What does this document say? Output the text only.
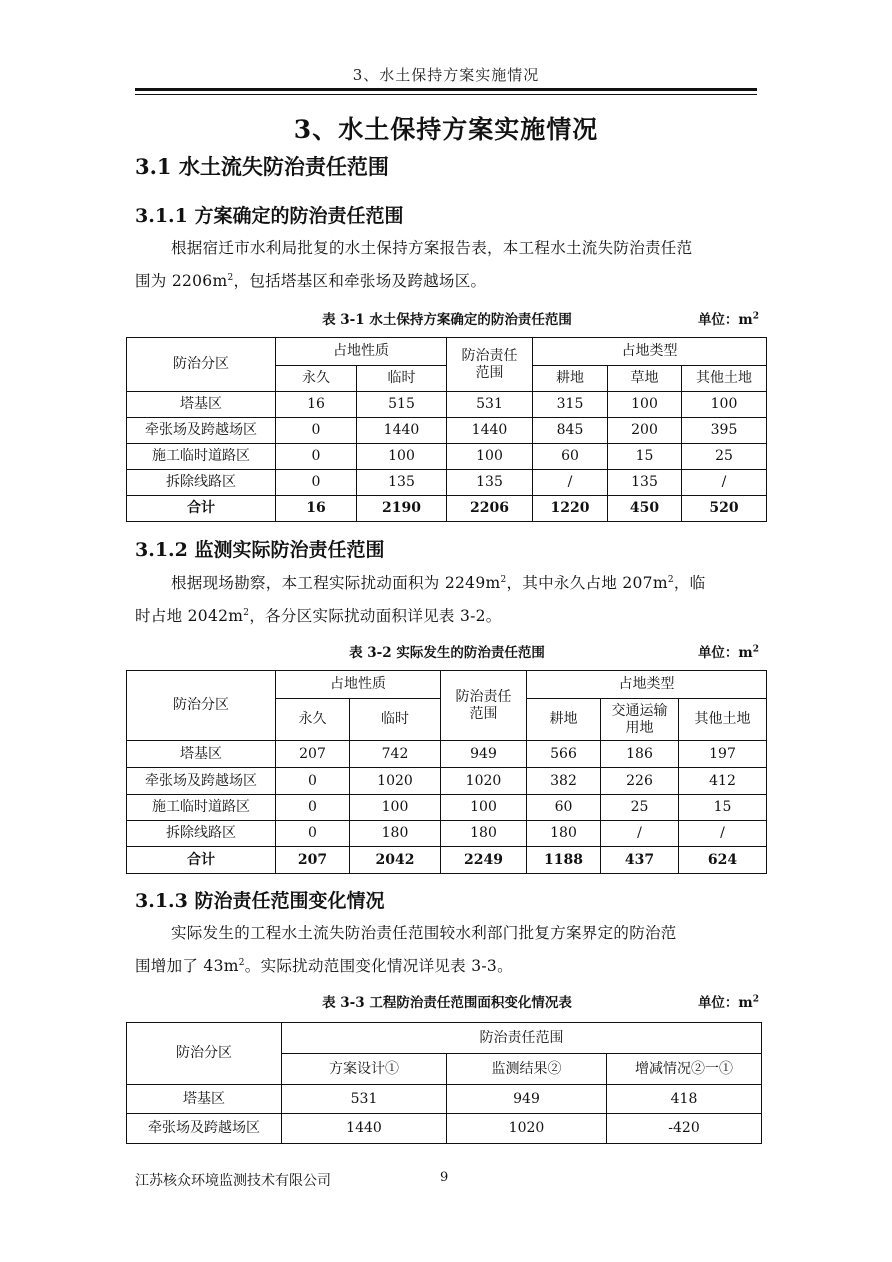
3、水土保持方案实施情况
3、水土保持方案实施情况
3.1 水土流失防治责任范围
3.1.1 方案确定的防治责任范围
根据宿迁市水利局批复的水土保持方案报告表，本工程水土流失防治责任范
围为 $2206m^2$，包括塔基区和牵张场及跨越场区。
表 3-1 水土保持方案确定的防治责任范围	单位：$m^2$
防治分区	占地性质		防治责任范围	占地类型		
	永久	临时		耕地	草地	其他土地
塔基区	16	515	531	315	100	100
牵张场及跨越场区	0	1440	1440	845	200	395
施工临时道路区	0	100	100	60	15	25
拆除线路区	0	135	135	/	135	/
合计	16	2190	2206	1220	450	520
3.1.2 监测实际防治责任范围
根据现场勘察，本工程实际扰动面积为 $2249m^2$，其中永久占地 $207m^2$，临
时占地 $2042m^2$，各分区实际扰动面积详见表 3-2。
表 3-2 实际发生的防治责任范围	单位：$m^2$
防治分区	占地性质		防治责任范围	占地类型		
	永久	临时		耕地	交通运输用地	其他土地
塔基区	207	742	949	566	186	197
牵张场及跨越场区	0	1020	1020	382	226	412
施工临时道路区	0	100	100	60	25	15
拆除线路区	0	180	180	180	/	/
合计	207	2042	2249	1188	437	624
3.1.3 防治责任范围变化情况
实际发生的工程水土流失防治责任范围较水利部门批复方案界定的防治范
围增加了 $43m^2$。实际扰动范围变化情况详见表 3-3。
表 3-3 工程防治责任范围面积变化情况表	单位：$m^2$
防治分区	防治责任范围		
	方案设计①	监测结果②	增减情况②一①
塔基区	531	949	418
牵张场及跨越场区	1440	1020	-420
江苏核众环境监测技术有限公司	9
